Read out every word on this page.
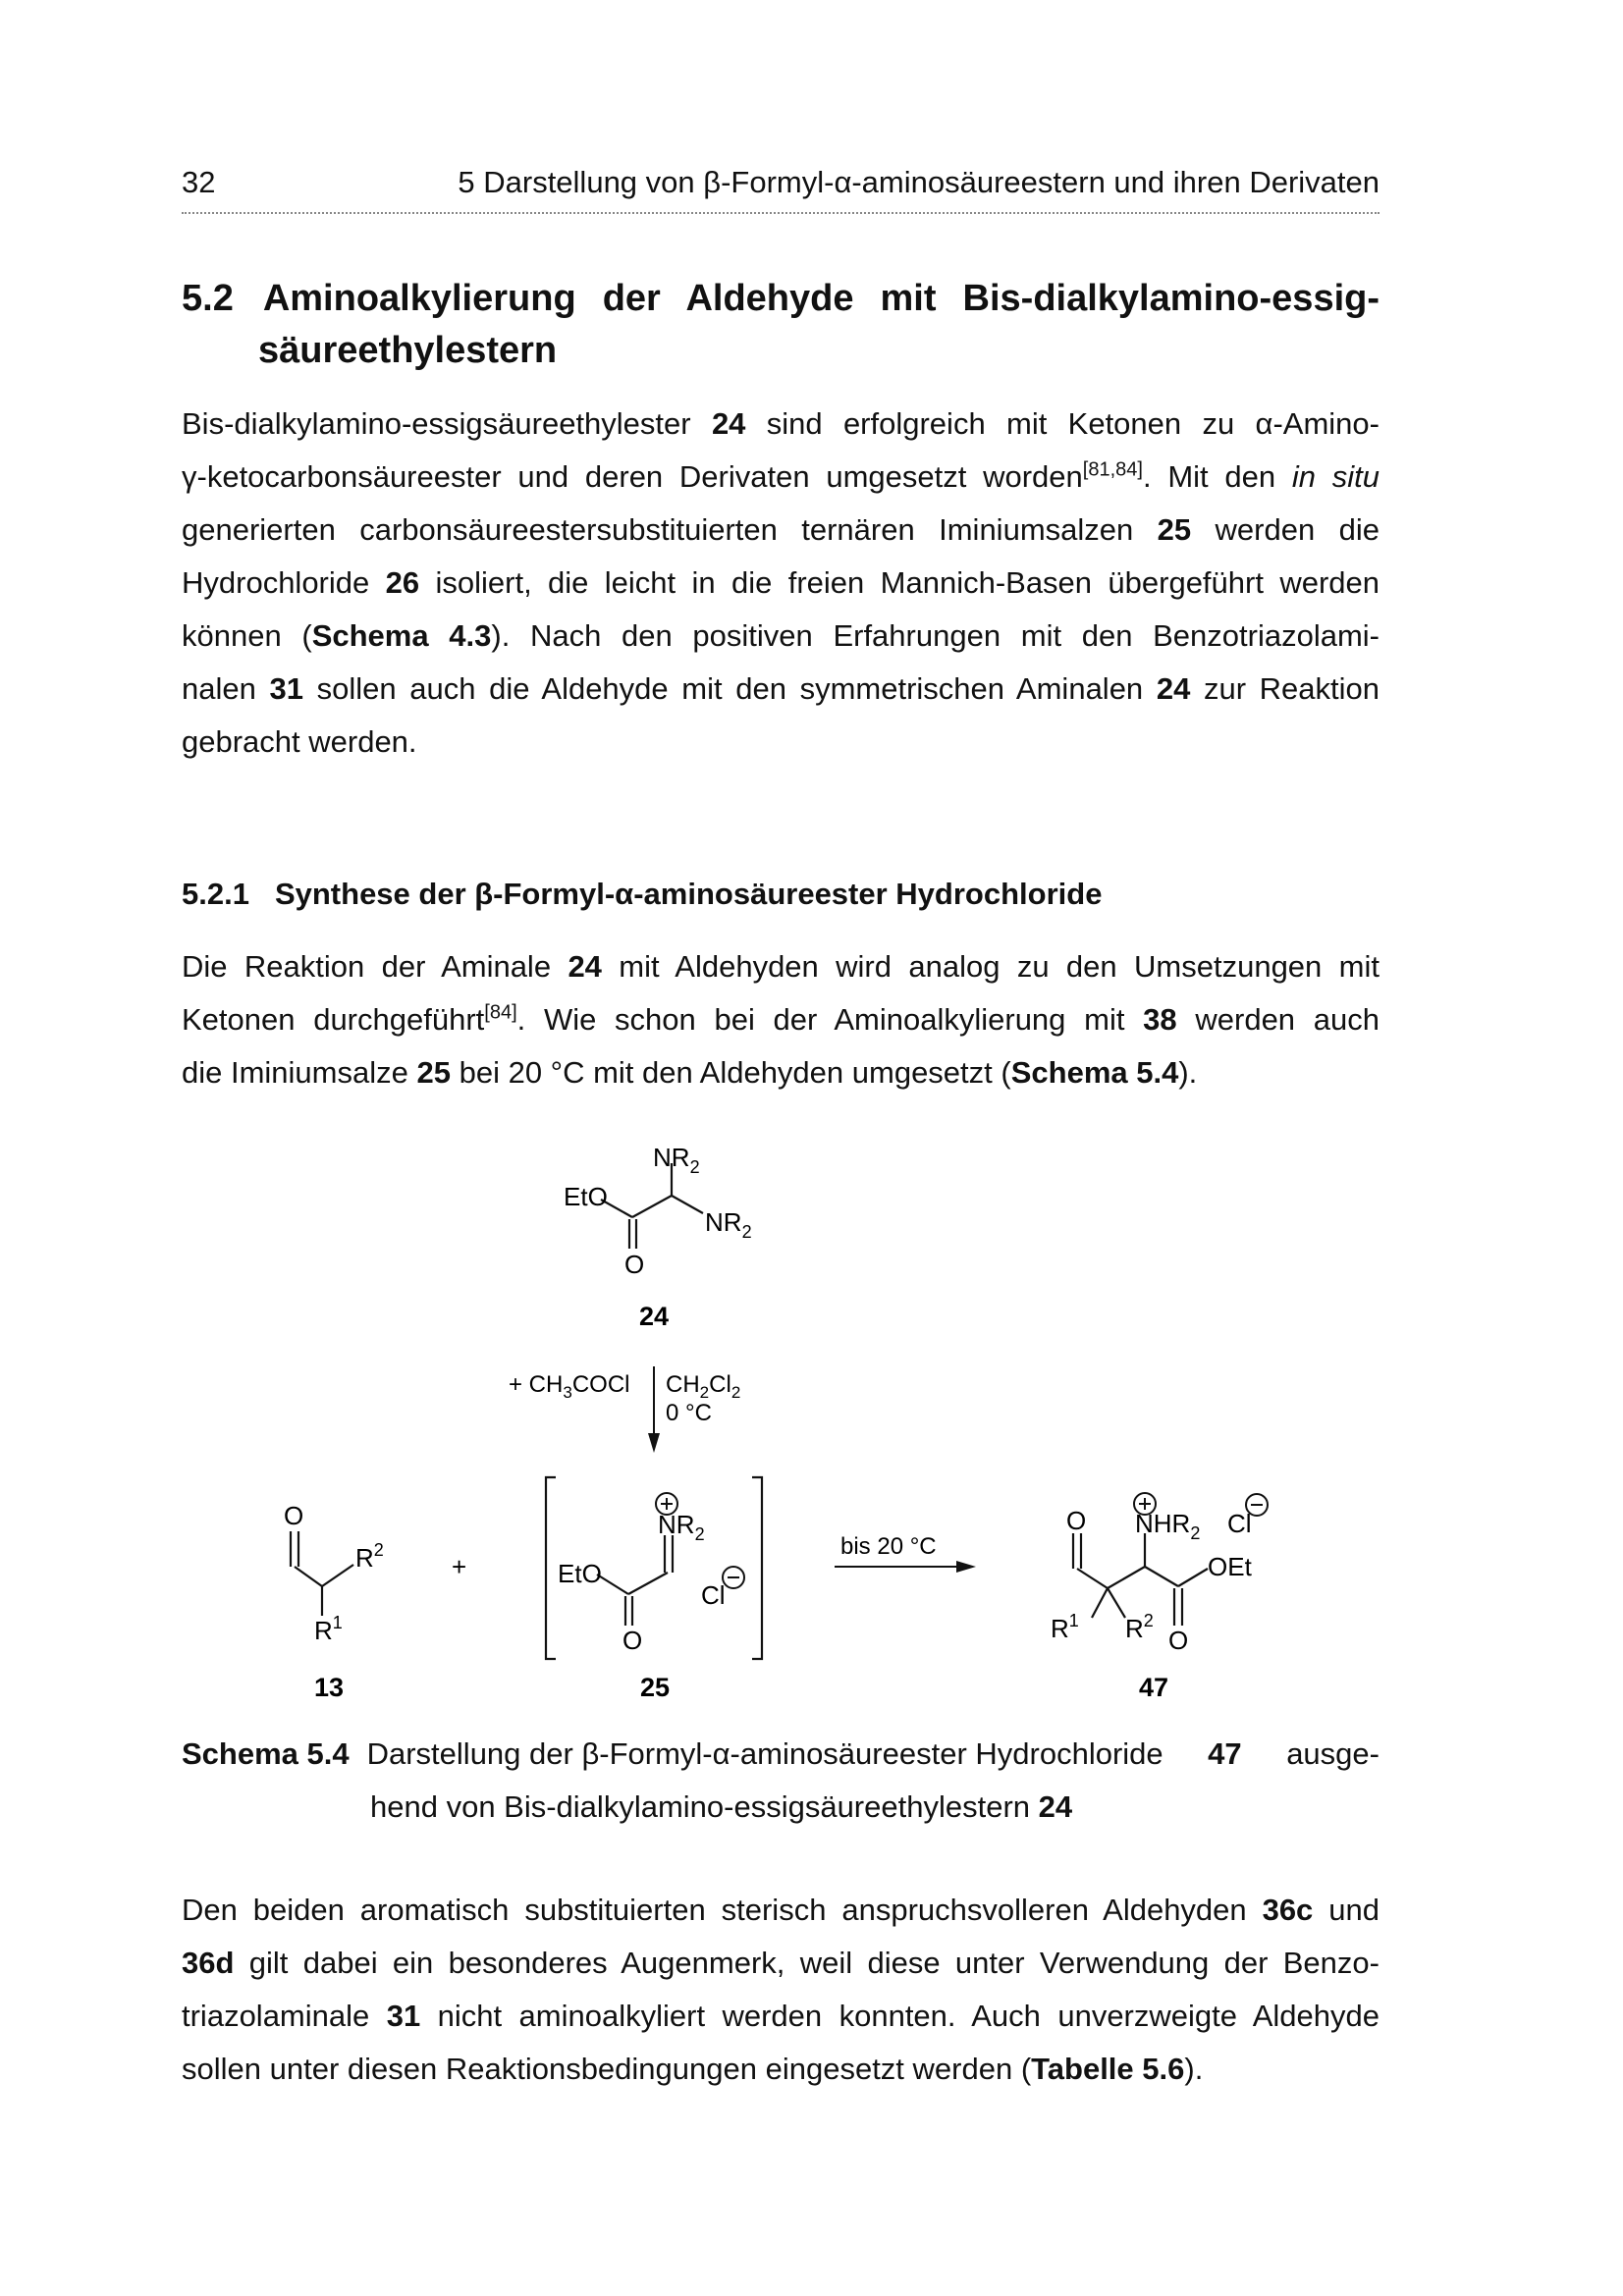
32	5 Darstellung von β-Formyl-α-aminosäureestern und ihren Derivaten
5.2 Aminoalkylierung der Aldehyde mit Bis-dialkylamino-essig-
säureethylestern
Bis-dialkylamino-essigsäureethylester 24 sind erfolgreich mit Ketonen zu α-Amino-
γ-ketocarbonsäureester und deren Derivaten umgesetzt worden[81,84]. Mit den in situ
generierten carbonsäureestersubstituierten ternären Iminiumsalzen 25 werden die
Hydrochloride 26 isoliert, die leicht in die freien Mannich-Basen übergeführt werden
können (Schema 4.3). Nach den positiven Erfahrungen mit den Benzotriazolami-
nalen 31 sollen auch die Aldehyde mit den symmetrischen Aminalen 24 zur Reaktion
gebracht werden.
5.2.1 Synthese der β-Formyl-α-aminosäureester Hydrochloride
Die Reaktion der Aminale 24 mit Aldehyden wird analog zu den Umsetzungen mit
Ketonen durchgeführt[84]. Wie schon bei der Aminoalkylierung mit 38 werden auch
die Iminiumsalze 25 bei 20 °C mit den Aldehyden umgesetzt (Schema 5.4).
$NR_2$
EtO
$NR_2$
O
24
+ $CH_3COCl$ $CH_2Cl_2$
0 °C
O
$R^2$
$R^1$
13
+
$NR_2$
EtO
Cl
O
25
bis 20 °C
O $NHR_2$ Cl
OEt
$R^1$ $R^2$
O
47
Schema 5.4 Darstellung der β-Formyl-α-aminosäureester Hydrochloride 47 ausge-
hend von Bis-dialkylamino-essigsäureethylestern 24
Den beiden aromatisch substituierten sterisch anspruchsvolleren Aldehyden 36c und
36d gilt dabei ein besonderes Augenmerk, weil diese unter Verwendung der Benzo-
triazolaminale 31 nicht aminoalkyliert werden konnten. Auch unverzweigte Aldehyde
sollen unter diesen Reaktionsbedingungen eingesetzt werden (Tabelle 5.6).
